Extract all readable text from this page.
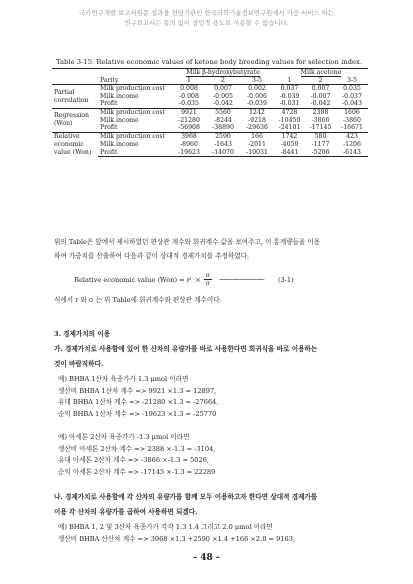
국가연구개발 보고서원문 성과물 전담기관인 한국과학기술정보연구원에서 가공·서비스 하는
연구보고서는 동의 없이 상업적 용도로 사용할 수 없습니다.
Table 3-15. Relative economic values of ketone body breeding values for selection index.
		Milk β-hydroxybutyrate			Milk acetone		
	Parity	1	2	3-5	1	2	3-5
Partial correlation	Milk production cost	0.008	0.007	0.002	0.037	0.007	0.035
	Milk income	-0.008	-0.005	-0.006	-0.039	-0.007	-0.037
	Profit	-0.035	-0.042	-0.039	-0.031	-0.042	-0.043
Regression (Won)	Milk production cost	9921	5560	1242	4728	2388	1606
	Milk income	-21280	-8244	-9218	-10450	-3866	-3860
	Profit	-56908	-38890	-29636	-24101	-17145	-16671
Relative economic value (Won)	Milk production cost	3968	2590	166	1742	580	423
	Milk income	-8960	-1643	-2011	-4059	-1177	-1206
	Profit	-19623	-14070	-10031	-8441	-5206	-6143
위의 Table은 앞에서 제시하였던 편상관 계수와 회귀계수 값을 보여주고, 이 통계량들을 이용
하여 가중치를 산출하여 다음과 같이 상대적 경제가치를 추정하였다.
Relative economic value (Won) = r $i \times \frac{\sigma}{\sigma}$ ········································· (3-1)
식에서 r 와 σ 는 위 Table에 회귀계수와 편상관 계수이다.
3. 경제가치의 이용
가. 경제가치로 사용함에 있어 한 산차의 유량가를 바로 사용한다면 회귀식을 바로 이용하는
것이 바람직하다.
예) BHBA 1산차 육종가가 1.3 μmol 이라면
생산비 BHBA 1산차 계수 => 9921 ×1.3 = 12897,
유대 BHBA 1산차 계수 => -21280 ×1.3 = -27664,
순익 BHBA 1산차 계수 => -19623 ×1.3 = -25770
예) 아세톤 2산차 육종가가 -1.3 μmol 이라면
생산비 아세톤 2산차 계수 => 2388 ×-1.3 = -3104,
유대 아세톤 2산차 계수 => -3866 ×-1.3 = 5026,
순익 아세톤 2산차 계수 => -17145 ×-1.3 = 22289
나. 경제가치로 사용함에 각 산차의 유량가를 함께 모두 이용하고자 한다면 상대적 경제가를
이용 각 산차의 유량가를 곱하여 사용하면 되겠다.
예) BHBA 1, 2 및 3산차 육종가가 각각 1.3 1.4 그리고 2.0 μmol 이라면
생산비 BHBA 산산차 계수 => 3968 ×1.3 +2590 ×1.4 +166 ×2.0 = 9163,
- 48 -
